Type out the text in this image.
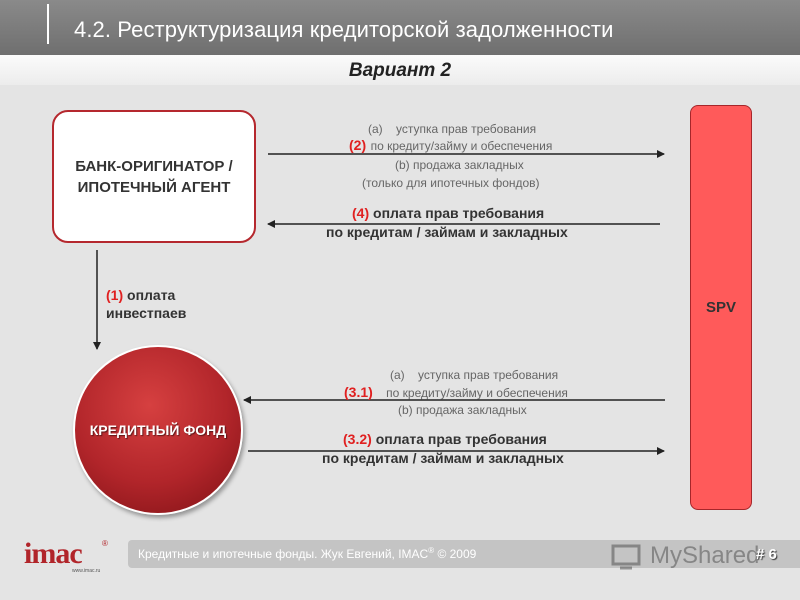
4.2. Реструктуризация кредиторской задолженности
Вариант 2
БАНК-ОРИГИНАТОР / ИПОТЕЧНЫЙ АГЕНТ
КРЕДИТНЫЙ ФОНД
SPV
(a) уступка прав требования
(2) по кредиту/займу и обеспечения
(b) продажа закладных
(только для ипотечных фондов)
(4) оплата прав требования
по кредитам / займам и закладных
(1) оплата
инвестпаев
(a) уступка прав требования
(3.1) по кредиту/займу и обеспечения
(b) продажа закладных
(3.2) оплата прав требования
по кредитам / займам и закладных
imac	®
www.imac.ru
Кредитные и ипотечные фонды. Жук Евгений, IMAC® © 2009	MyShared
# 6
